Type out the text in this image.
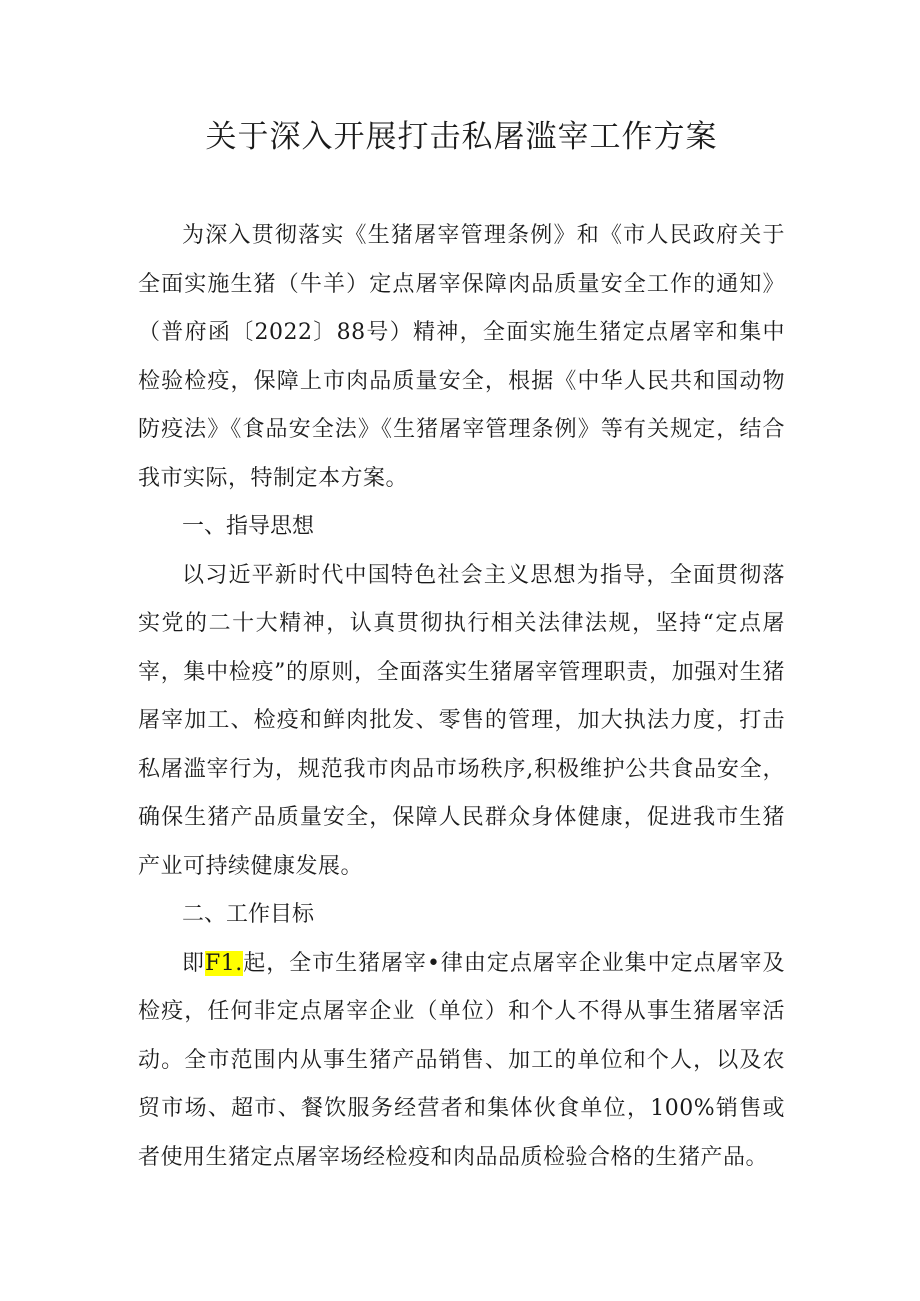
关于深入开展打击私屠滥宰工作方案

为深入贯彻落实《生猪屠宰管理条例》和《市人民政府关于全面实施生猪（牛羊）定点屠宰保障肉品质量安全工作的通知》（普府函〔2022〕88号）精神，全面实施生猪定点屠宰和集中检验检疫，保障上市肉品质量安全，根据《中华人民共和国动物防疫法》《食品安全法》《生猪屠宰管理条例》等有关规定，结合我市实际，特制定本方案。

一、指导思想

以习近平新时代中国特色社会主义思想为指导，全面贯彻落实党的二十大精神，认真贯彻执行相关法律法规，坚持“定点屠宰，集中检疫”的原则，全面落实生猪屠宰管理职责，加强对生猪屠宰加工、检疫和鲜肉批发、零售的管理，加大执法力度，打击私屠滥宰行为，规范我市肉品市场秩序,积极维护公共食品安全，确保生猪产品质量安全，保障人民群众身体健康，促进我市生猪产业可持续健康发展。

二、工作目标

即F1.起，全市生猪屠宰•律由定点屠宰企业集中定点屠宰及检疫，任何非定点屠宰企业（单位）和个人不得从事生猪屠宰活动。全市范围内从事生猪产品销售、加工的单位和个人，以及农贸市场、超市、餐饮服务经营者和集体伙食单位，100%销售或者使用生猪定点屠宰场经检疫和肉品品质检验合格的生猪产品。
